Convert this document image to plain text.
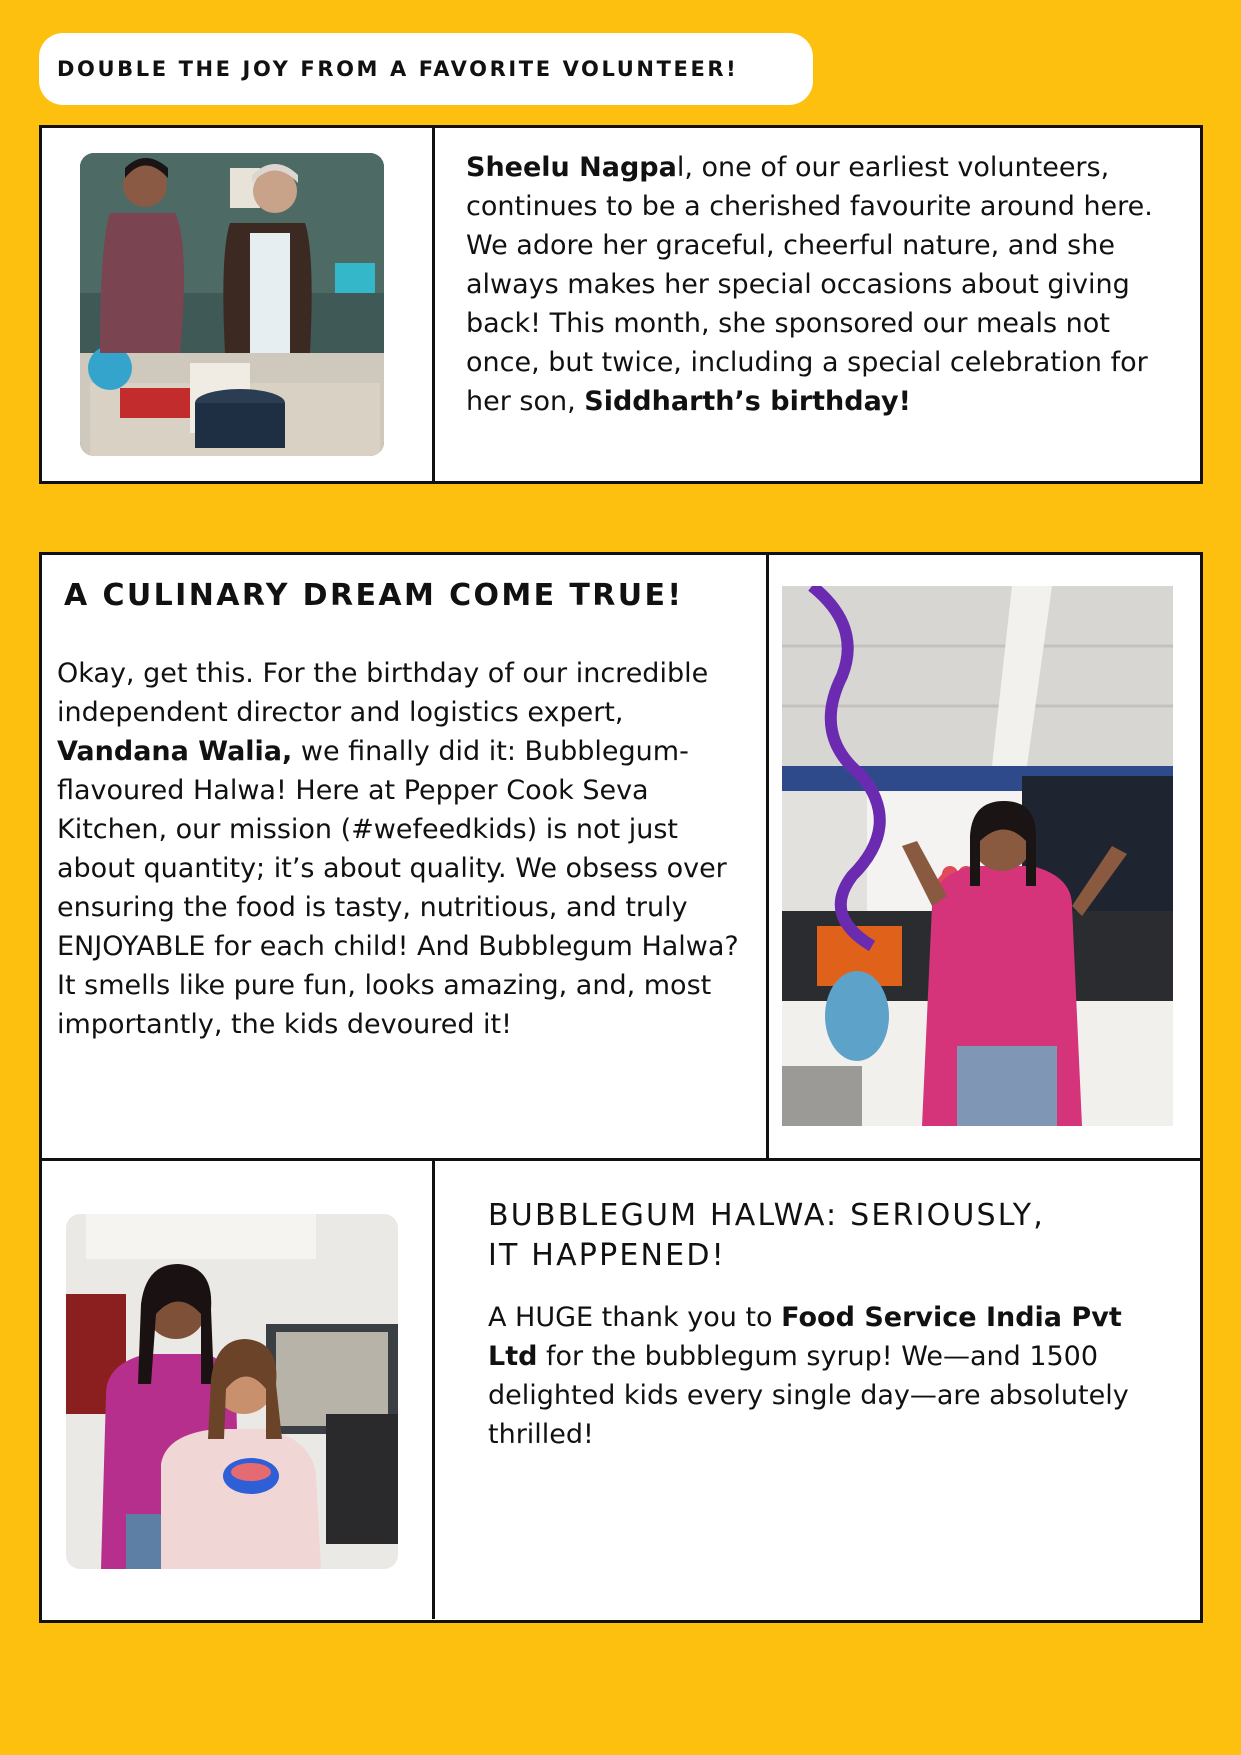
DOUBLE THE JOY FROM A FAVORITE VOLUNTEER!
Sheelu Nagpal, one of our earliest volunteers, continues to be a cherished favourite around here. We adore her graceful, cheerful nature, and she always makes her special occasions about giving back! This month, she sponsored our meals not once, but twice, including a special celebration for her son, Siddharth’s birthday!
A CULINARY DREAM COME TRUE!
Okay, get this. For the birthday of our incredible independent director and logistics expert, Vandana Walia, we finally did it: Bubblegum-flavoured Halwa! Here at Pepper Cook Seva Kitchen, our mission (#wefeedkids) is not just about quantity; it’s about quality. We obsess over ensuring the food is tasty, nutritious, and truly ENJOYABLE for each child! And Bubblegum Halwa? It smells like pure fun, looks amazing, and, most importantly, the kids devoured it!
BUBBLEGUM HALWA: SERIOUSLY,
IT HAPPENED!
A HUGE thank you to Food Service India Pvt Ltd for the bubblegum syrup! We—and 1500 delighted kids every single day—are absolutely thrilled!
